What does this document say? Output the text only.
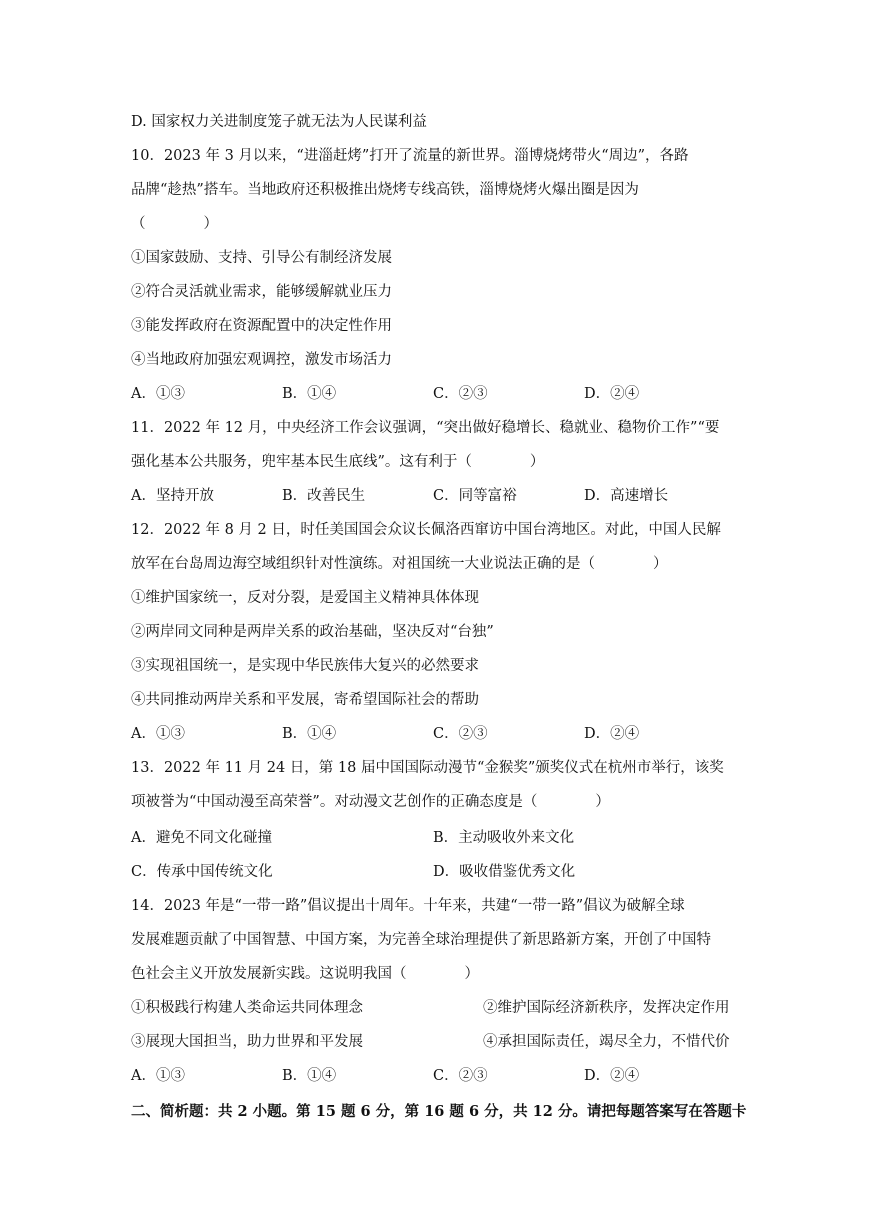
D. 国家权力关进制度笼子就无法为人民谋利益
10．2023 年 3 月以来，“进淄赶烤”打开了流量的新世界。淄博烧烤带火“周边”，各路
品牌“趁热”搭车。当地政府还积极推出烧烤专线高铁，淄博烧烤火爆出圈是因为
（　　　　）
①国家鼓励、支持、引导公有制经济发展
②符合灵活就业需求，能够缓解就业压力
③能发挥政府在资源配置中的决定性作用
④当地政府加强宏观调控，激发市场活力
A．①③	B．①④	C．②③	D．②④
11．2022 年 12 月，中央经济工作会议强调，“突出做好稳增长、稳就业、稳物价工作”“要
强化基本公共服务，兜牢基本民生底线”。这有利于（　　　　）
A．坚持开放	B．改善民生	C．同等富裕	D．高速增长
12．2022 年 8 月 2 日，时任美国国会众议长佩洛西窜访中国台湾地区。对此，中国人民解
放军在台岛周边海空域组织针对性演练。对祖国统一大业说法正确的是（　　　　）
①维护国家统一，反对分裂，是爱国主义精神具体体现
②两岸同文同种是两岸关系的政治基础，坚决反对“台独”
③实现祖国统一，是实现中华民族伟大复兴的必然要求
④共同推动两岸关系和平发展，寄希望国际社会的帮助
A．①③	B．①④	C．②③	D．②④
13．2022 年 11 月 24 日，第 18 届中国国际动漫节“金猴奖”颁奖仪式在杭州市举行，该奖
项被誉为“中国动漫至高荣誉”。对动漫文艺创作的正确态度是（　　　　）
A．避免不同文化碰撞	B．主动吸收外来文化
C．传承中国传统文化	D．吸收借鉴优秀文化
14．2023 年是“一带一路”倡议提出十周年。十年来，共建“一带一路”倡议为破解全球
发展难题贡献了中国智慧、中国方案，为完善全球治理提供了新思路新方案，开创了中国特
色社会主义开放发展新实践。这说明我国（　　　　）
①积极践行构建人类命运共同体理念	②维护国际经济新秩序，发挥决定作用
③展现大国担当，助力世界和平发展	④承担国际责任，竭尽全力，不惜代价
A．①③	B．①④	C．②③	D．②④
二、简析题：共 2 小题。第 15 题 6 分，第 16 题 6 分，共 12 分。请把每题答案写在答题卡
